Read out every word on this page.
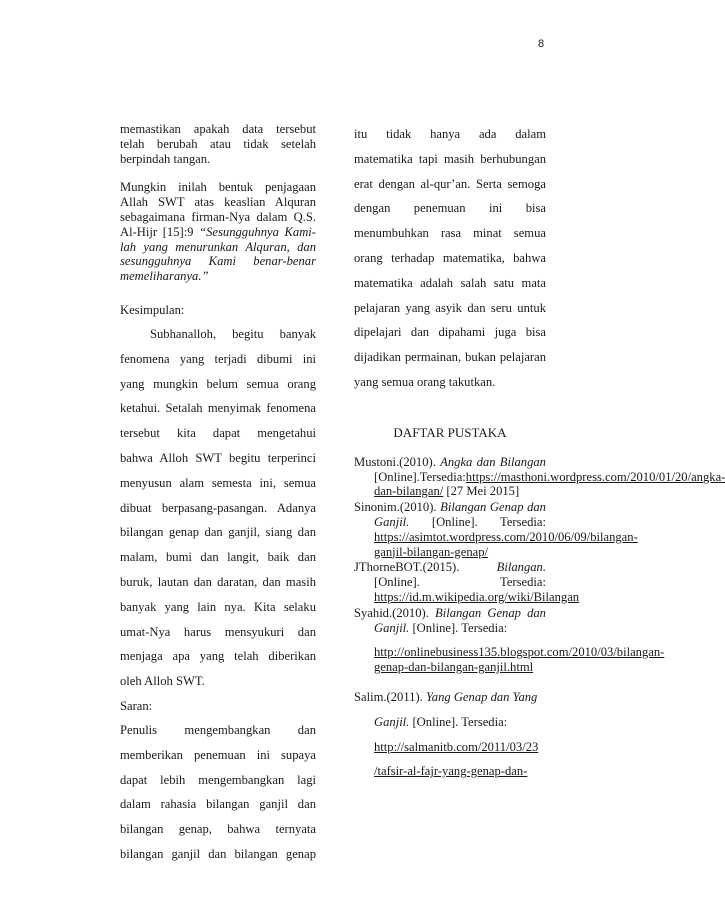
8

memastikan apakah data tersebut

telah berubah atau tidak setelah

berpindah tangan.

Mungkin inilah bentuk penjagaan

Allah SWT atas keaslian Alquran

sebagaimana firman-Nya dalam Q.S.

Al-Hijr [15]:9 “Sesungguhnya Kami-

lah yang menurunkan Alquran, dan

sesungguhnya Kami benar-benar

memeliharanya.”

Kesimpulan:

Subhanalloh, begitu banyak

fenomena yang terjadi dibumi ini

yang mungkin belum semua orang

ketahui. Setalah menyimak fenomena

tersebut kita dapat mengetahui

bahwa Alloh SWT begitu terperinci

menyusun alam semesta ini, semua

dibuat berpasang-pasangan. Adanya

bilangan genap dan ganjil, siang dan

malam, bumi dan langit, baik dan

buruk, lautan dan daratan, dan masih

banyak yang lain nya. Kita selaku

umat-Nya harus mensyukuri dan

menjaga apa yang telah diberikan

oleh Alloh SWT.

Saran:

Penulis mengembangkan dan

memberikan penemuan ini supaya

dapat lebih mengembangkan lagi

dalam rahasia bilangan ganjil dan

bilangan genap, bahwa ternyata

bilangan ganjil dan bilangan genap

itu tidak hanya ada dalam

matematika tapi masih berhubungan

erat dengan al-qur’an. Serta semoga

dengan penemuan ini bisa

menumbuhkan rasa minat semua

orang terhadap matematika, bahwa

matematika adalah salah satu mata

pelajaran yang asyik dan seru untuk

dipelajari dan dipahami juga bisa

dijadikan permainan, bukan pelajaran

yang semua orang takutkan.

DAFTAR PUSTAKA

Mustoni.(2010). Angka dan Bilangan [Online].Tersedia:https://masthoni.wordpress.com/2010/01/20/angka-dan-bilangan/ [27 Mei 2015]
Sinonim.(2010). Bilangan Genap dan Ganjil. [Online]. Tersedia: https://asimtot.wordpress.com/2010/06/09/bilangan-ganjil-bilangan-genap/
JThorneBOT.(2015). Bilangan. [Online]. Tersedia: https://id.m.wikipedia.org/wiki/Bilangan
Syahid.(2010). Bilangan Genap dan Ganjil. [Online]. Tersedia:
http://onlinebusiness135.blogspot.com/2010/03/bilangan-genap-dan-bilangan-ganjil.html
Salim.(2011). Yang Genap dan Yang Ganjil. [Online]. Tersedia:
http://salmanitb.com/2011/03/23
/tafsir-al-fajr-yang-genap-dan-
